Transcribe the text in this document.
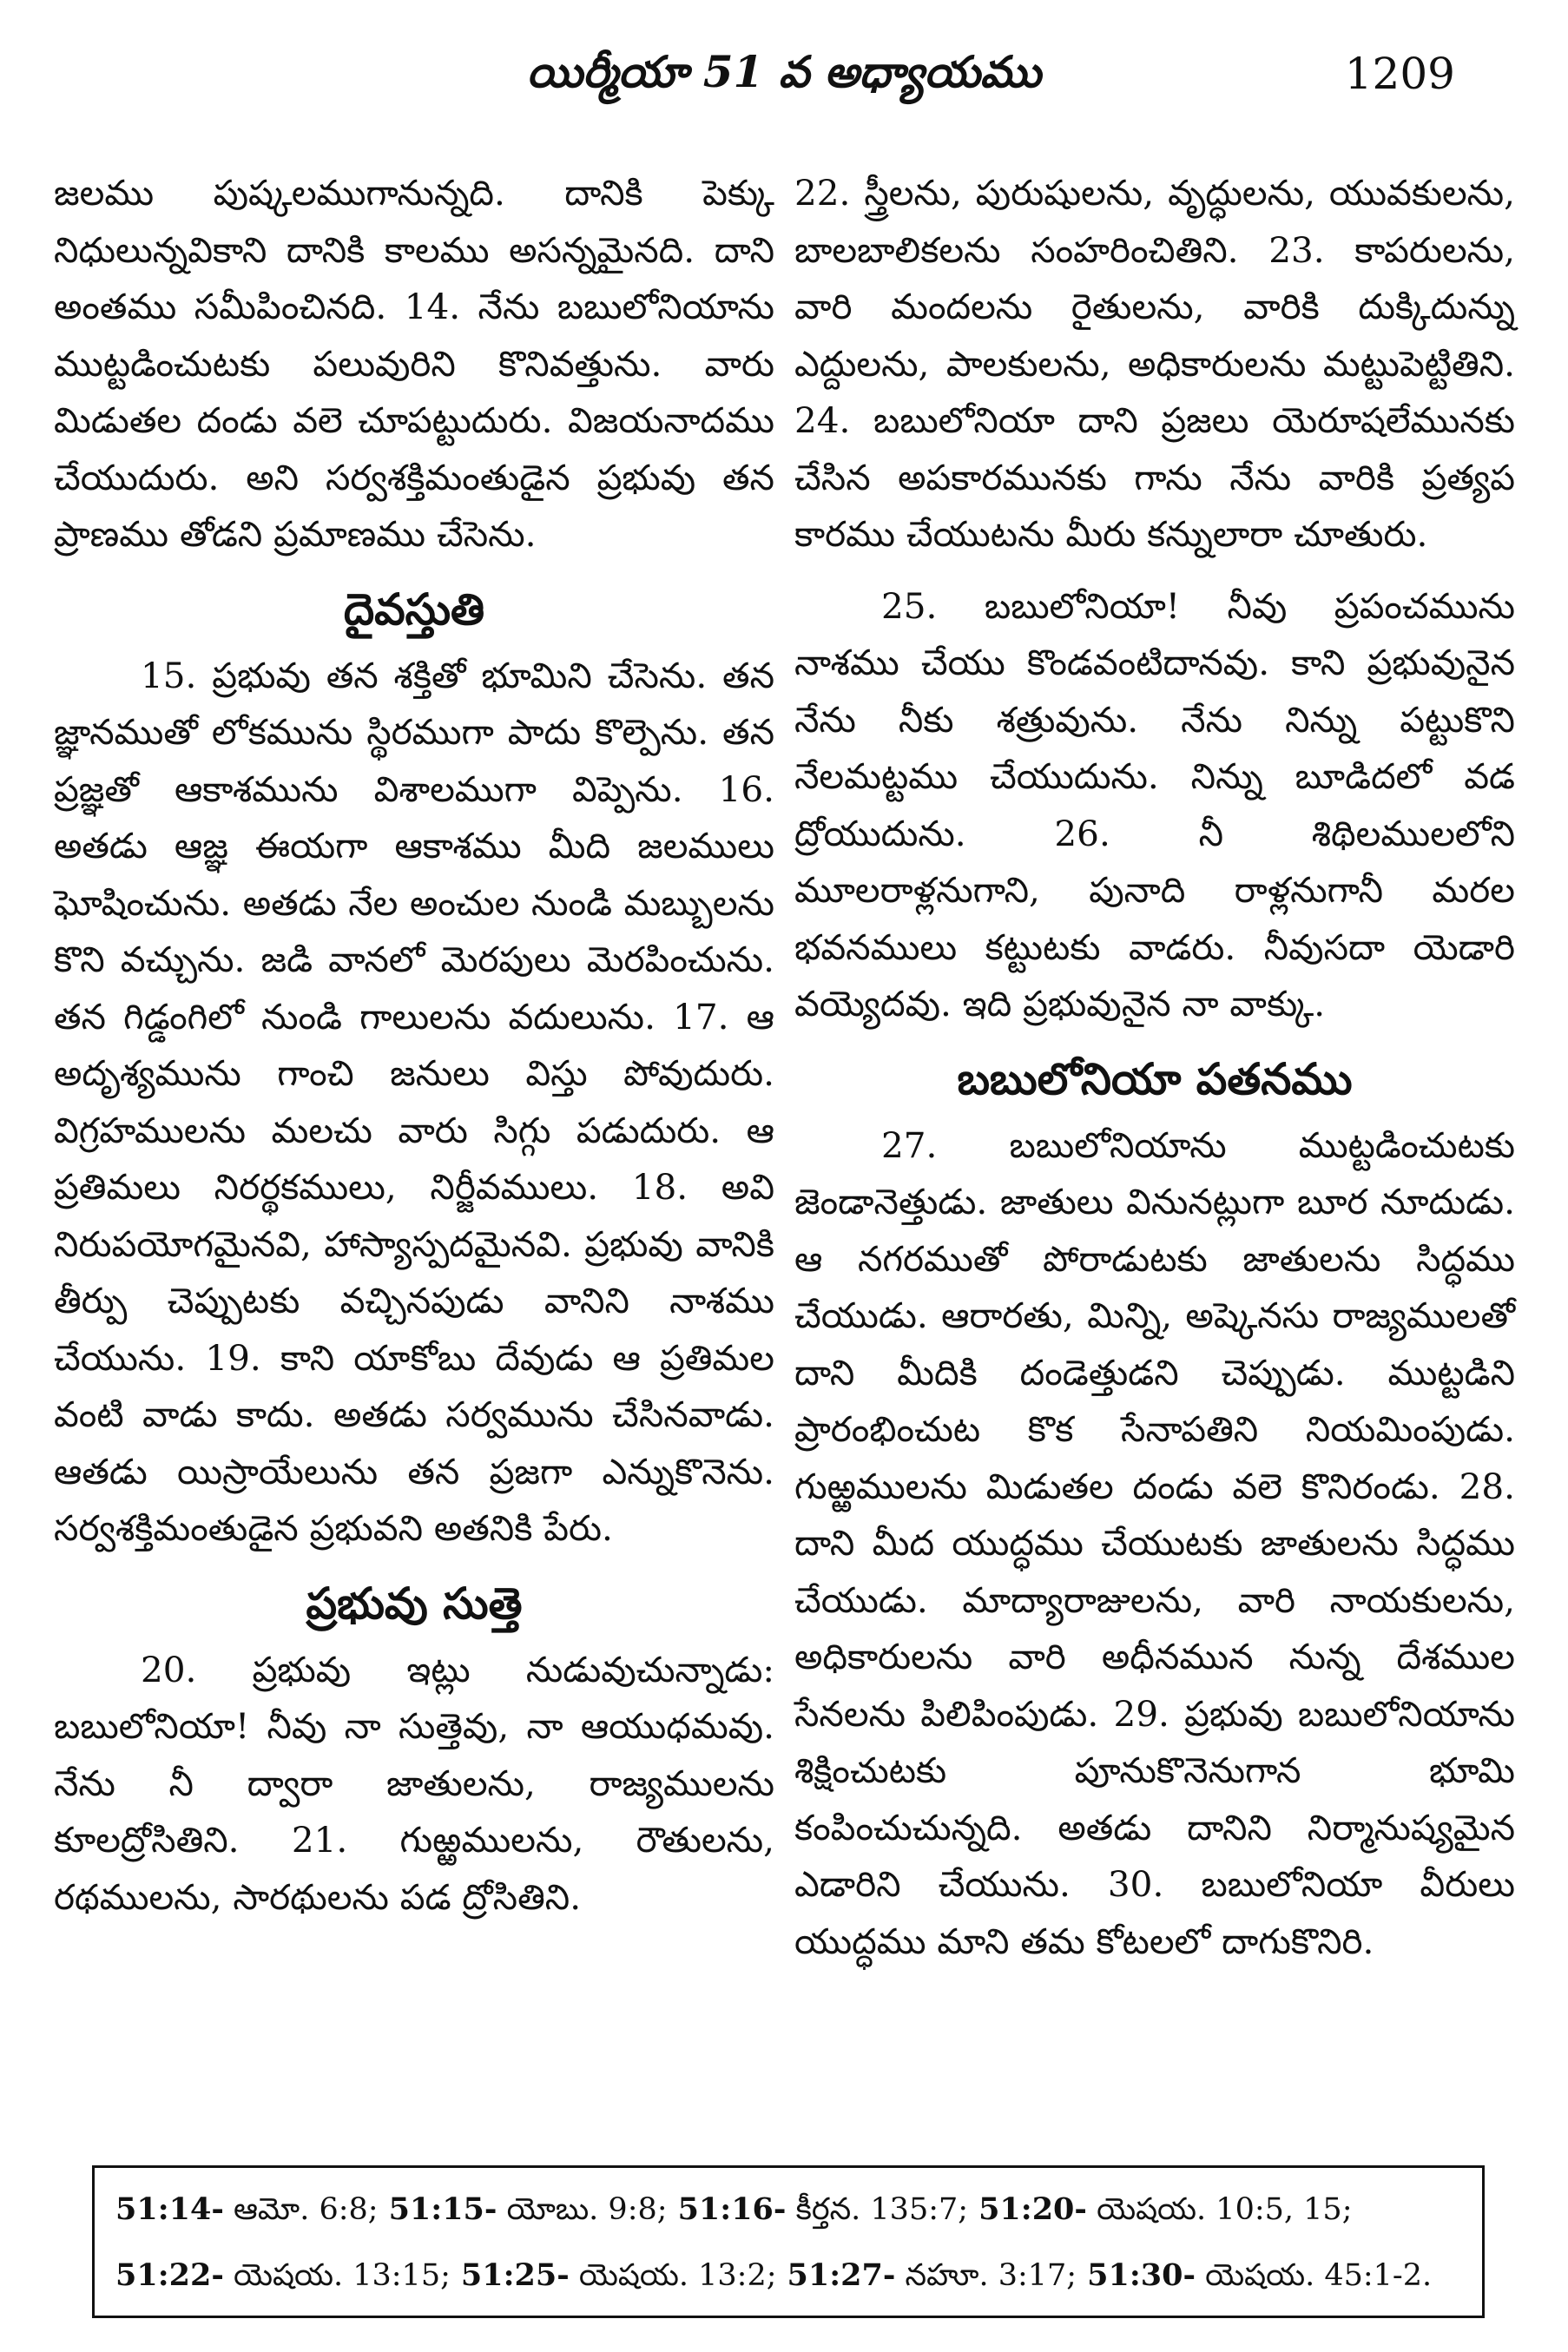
యిర్మీయా 51 వ అధ్యాయము	1209

జలము పుష్కలముగానున్నది. దానికి పెక్కు నిధులున్నవికాని దానికి కాలము అసన్నమైనది. దాని అంతము సమీపించినది. 14. నేను బబులోనియాను ముట్టడించుటకు పలువురిని కొనివత్తును. వారు మిడుతల దండు వలె చూపట్టుదురు. విజయనాదము చేయుదురు. అని సర్వశక్తిమంతుడైన ప్రభువు తన ప్రాణము తోడని ప్రమాణము చేసెను.

దైవస్తుతి

15. ప్రభువు తన శక్తితో భూమిని చేసెను. తన జ్ఞానముతో లోకమును స్థిరముగా పాదు కొల్పెను. తన ప్రజ్ఞతో ఆకాశమును విశాలముగా విప్పెను. 16. అతడు ఆజ్ఞ ఈయగా ఆకాశము మీది జలములు ఘోషించును. అతడు నేల అంచుల నుండి మబ్బులను కొని వచ్చును. జడి వానలో మెరపులు మెరపించును. తన గిడ్డంగిలో నుండి గాలులను వదులును. 17. ఆ అదృశ్యమును గాంచి జనులు విస్తు పోవుదురు. విగ్రహములను మలచు వారు సిగ్గు పడుదురు. ఆ ప్రతిమలు నిరర్థకములు, నిర్జీవములు. 18. అవి నిరుపయోగమైనవి, హాస్యాస్పదమైనవి. ప్రభువు వానికి తీర్పు చెప్పుటకు వచ్చినపుడు వానిని నాశము చేయును. 19. కాని యాకోబు దేవుడు ఆ ప్రతిమల వంటి వాడు కాదు. అతడు సర్వమును చేసినవాడు. ఆతడు యిస్రాయేలును తన ప్రజగా ఎన్నుకొనెను. సర్వశక్తిమంతుడైన ప్రభువని అతనికి పేరు.

ప్రభువు సుత్తె

20. ప్రభువు ఇట్లు నుడువుచున్నాడు: బబులోనియా! నీవు నా సుత్తెవు, నా ఆయుధమవు. నేను నీ ద్వారా జాతులను, రాజ్యములను కూలద్రోసితిని. 21. గుఱ్ఱములను, రౌతులను, రథములను, సారథులను పడ ద్రోసితిని.

22. స్త్రీలను, పురుషులను, వృద్ధులను, యువకులను, బాలబాలికలను సంహరించితిని. 23. కాపరులను, వారి మందలను రైతులను, వారికి దుక్కిదున్ను ఎద్దులను, పాలకులను, అధికారులను మట్టుపెట్టితిని. 24. బబులోనియా దాని ప్రజలు యెరూషలేమునకు చేసిన అపకారమునకు గాను నేను వారికి ప్రత్యప కారము చేయుటను మీరు కన్నులారా చూతురు.

25. బబులోనియా! నీవు ప్రపంచమును నాశము చేయు కొండవంటిదానవు. కాని ప్రభువునైన నేను నీకు శత్రువును. నేను నిన్ను పట్టుకొని నేలమట్టము చేయుదును. నిన్ను బూడిదలో వడ ద్రోయుదును. 26. నీ శిథిలములలోని మూలరాళ్లనుగాని, పునాది రాళ్లనుగానీ మరల భవనములు కట్టుటకు వాడరు. నీవుసదా యెడారి వయ్యెదవు. ఇది ప్రభువునైన నా వాక్కు.

బబులోనియా పతనము

27. బబులోనియాను ముట్టడించుటకు జెండానెత్తుడు. జాతులు వినునట్లుగా బూర నూదుడు. ఆ నగరముతో పోరాడుటకు జాతులను సిద్ధము చేయుడు. ఆరారతు, మిన్ని, అష్కెనసు రాజ్యములతో దాని మీదికి దండెత్తుడని చెప్పుడు. ముట్టడిని ప్రారంభించుట కొక సేనాపతిని నియమింపుడు. గుఱ్ఱములను మిడుతల దండు వలె కొనిరండు. 28. దాని మీద యుద్ధము చేయుటకు జాతులను సిద్ధము చేయుడు. మాద్యారాజులను, వారి నాయకులను, అధికారులను వారి అధీనమున నున్న దేశముల సేనలను పిలిపింపుడు. 29. ప్రభువు బబులోనియాను శిక్షించుటకు పూనుకొనెనుగాన భూమి కంపించుచున్నది. అతడు దానిని నిర్మానుష్యమైన ఎడారిని చేయును. 30. బబులోనియా వీరులు యుద్ధము మాని తమ కోటలలో దాగుకొనిరి.

51:14- ఆమో. 6:8; 51:15- యోబు. 9:8; 51:16- కీర్తన. 135:7; 51:20- యెషయ. 10:5, 15;
51:22- యెషయ. 13:15; 51:25- యెషయ. 13:2; 51:27- నహూ. 3:17; 51:30- యెషయ. 45:1-2.
